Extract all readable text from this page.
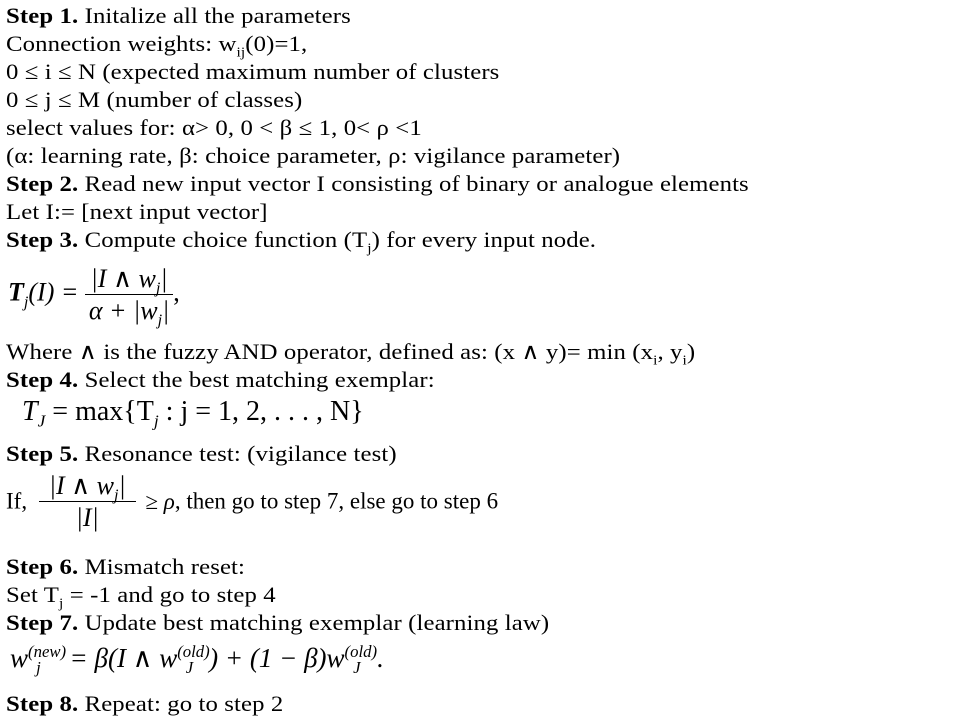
Step 1. Initalize all the parameters
Connection weights: $w_{ij}(0)=1$,
0 ≤ i ≤ N (expected maximum number of clusters
0 ≤ j ≤ M (number of classes)
select values for: α> 0, 0 < β ≤ 1, 0< ρ <1
(α: learning rate, β: choice parameter, ρ: vigilance parameter)
Step 2. Read new input vector I consisting of binary or analogue elements
Let I:= [next input vector]
Step 3. Compute choice function $(T_j)$ for every input node.
$T_j(I) = \frac{|I \wedge w_j|}{\alpha + |w_j|}$ ,
Where ∧ is the fuzzy AND operator, defined as: (x ∧ $y)= \min (x_i$, $y_i$)
Step 4. Select the best matching exemplar:
$T_J = \max\{T_j$ : j = 1, 2, . . . , N}
Step 5. Resonance test: (vigilance test)
If, $\frac{|I \wedge w_j|}{|I|} \ge \rho$, then go to step 7, else go to step 6
Step 6. Mismatch reset:
Set $T_j = -1$ and go to step 4
Step 7. Update best matching exemplar (learning law)
$w^{(new)}_j = \beta(I$ ∧ $w^{(old)}_J$ ) + $(1 - \beta)w^{(old)}_J$ .
Step 8. Repeat: go to step 2
